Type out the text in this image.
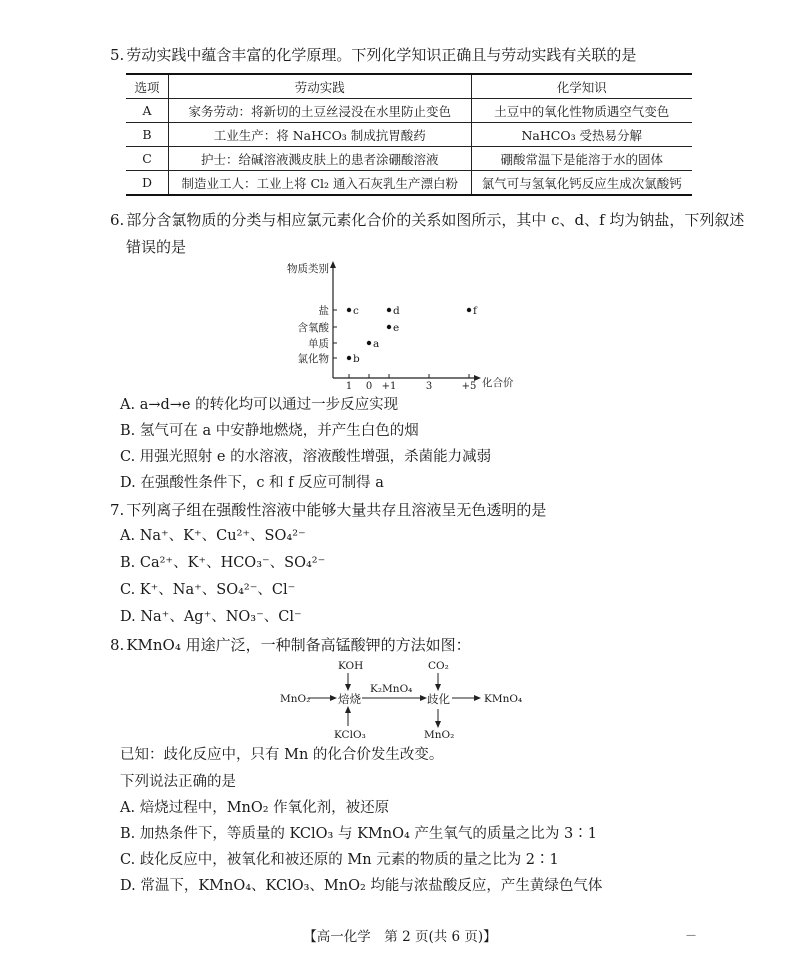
5. 劳动实践中蕴含丰富的化学原理。下列化学知识正确且与劳动实践有关联的是
选项	劳动实践	化学知识
A	家务劳动：将新切的土豆丝浸没在水里防止变色	土豆中的氧化性物质遇空气变色
B	工业生产：将 NaHCO₃ 制成抗胃酸药	NaHCO₃ 受热易分解
C	护士：给碱溶液溅皮肤上的患者涂硼酸溶液	硼酸常温下是能溶于水的固体
D	制造业工人：工业上将 Cl₂ 通入石灰乳生产漂白粉	氯气可与氢氧化钙反应生成次氯酸钙
6. 部分含氯物质的分类与相应氯元素化合价的关系如图所示，其中 c、d、f 均为钠盐，下列叙述
错误的是
物质类别
化合价
氯化物
单质
含氧酸
盐
1 0 +1	3	+5
b
a
e
c	d	f
MnO₂ 焙烧
KOH
KClO₃
K₂MnO₄
歧化
CO₂
MnO₂
KMnO₄
A. a→d→e 的转化均可以通过一步反应实现
B. 氢气可在 a 中安静地燃烧，并产生白色的烟
C. 用强光照射 e 的水溶液，溶液酸性增强，杀菌能力减弱
D. 在强酸性条件下，c 和 f 反应可制得 a
7. 下列离子组在强酸性溶液中能够大量共存且溶液呈无色透明的是
A. Na⁺、K⁺、Cu²⁺、SO₄²⁻
B. Ca²⁺、K⁺、HCO₃⁻、SO₄²⁻
C. K⁺、Na⁺、SO₄²⁻、Cl⁻
D. Na⁺、Ag⁺、NO₃⁻、Cl⁻
8. KMnO₄ 用途广泛，一种制备高锰酸钾的方法如图：
已知：歧化反应中，只有 Mn 的化合价发生改变。
下列说法正确的是
A. 焙烧过程中，MnO₂ 作氧化剂，被还原
B. 加热条件下，等质量的 KClO₃ 与 KMnO₄ 产生氧气的质量之比为 3∶1
C. 歧化反应中，被氧化和被还原的 Mn 元素的物质的量之比为 2∶1
D. 常温下，KMnO₄、KClO₃、MnO₂ 均能与浓盐酸反应，产生黄绿色气体
【高一化学　第 2 页(共 6 页)】	—
